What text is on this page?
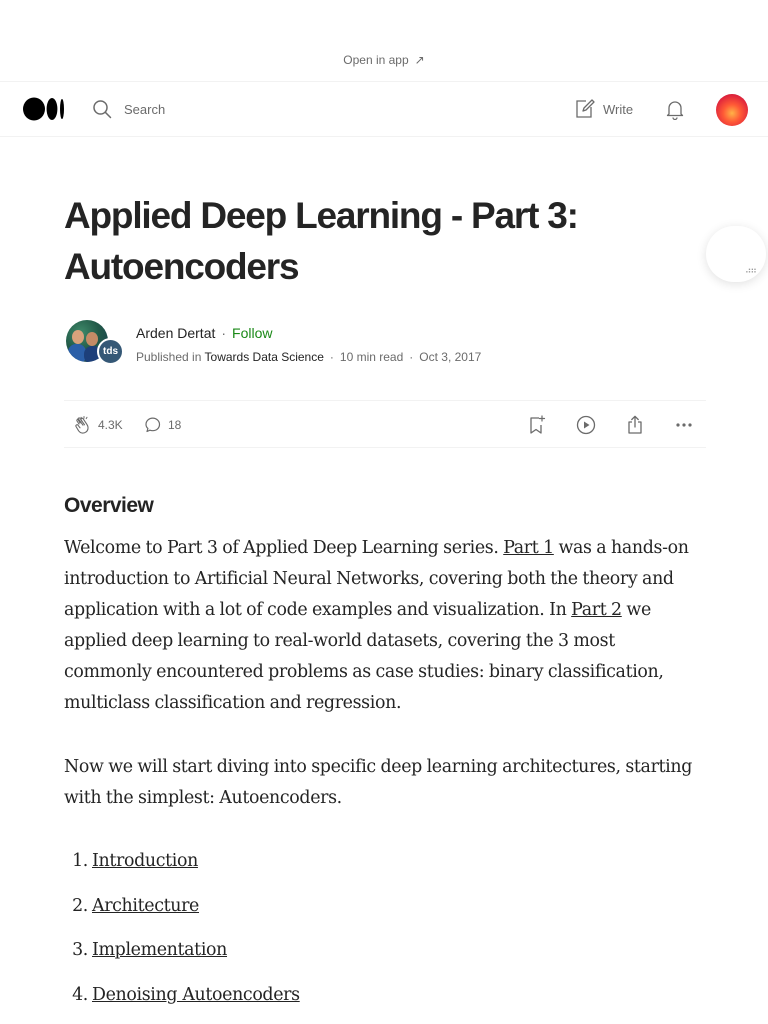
Open in app ↗
Search	Write
⠴⠶
Applied Deep Learning - Part 3: Autoencoders
tds
Arden Dertat · Follow
Published in Towards Data Science · 10 min read · Oct 3, 2017
4.3K	18
Overview

Welcome to Part 3 of Applied Deep Learning series. Part 1 was a hands-on introduction to Artificial Neural Networks, covering both the theory and application with a lot of code examples and visualization. In Part 2 we applied deep learning to real-world datasets, covering the 3 most commonly encountered problems as case studies: binary classification, multiclass classification and regression.

Now we will start diving into specific deep learning architectures, starting with the simplest: Autoencoders.

1. Introduction
2. Architecture
3. Implementation
4. Denoising Autoencoders
